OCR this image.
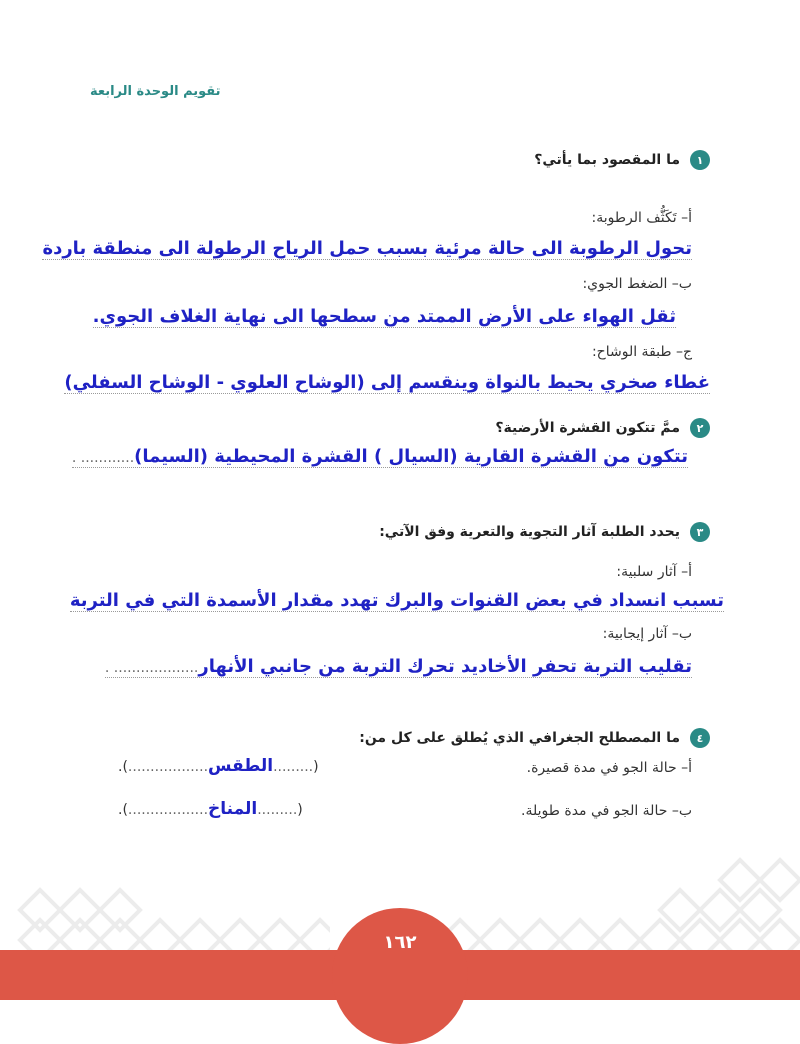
تقويم الوحدة الرابعة
١
ما المقصود بما يأتي؟
أ– تَكَثُّف الرطوبة:
تحول الرطوبة الى حالة مرئية بسبب حمل الرياح الرطولة الى منطقة باردة
ب– الضغط الجوي:
ثقل الهواء على الأرض الممتد من سطحها الى نهاية الغلاف الجوي.
ج– طبقة الوشاح:
غطاء صخري يحيط بالنواة وينقسم إلى (الوشاح العلوي - الوشاح السفلي)
٢
ممَّ تتكون القشرة الأرضية؟
تتكون من القشرة القارية (السيال ) القشرة المحيطية (السيما)............ .
٣
يحدد الطلبة آثار التجوية والتعرية وفق الآتي:
أ– آثار سلبية:
تسبب انسداد في بعض القنوات والبرك تهدد مقدار الأسمدة التي في التربة
ب– آثار إيجابية:
تقليب التربة تحفر الأخاديد تحرك التربة من جانبي الأنهار................... .
٤
ما المصطلح الجغرافي الذي يُطلق على كل من:
أ– حالة الجو في مدة قصيرة.
(.........الطقس..................).
ب– حالة الجو في مدة طويلة.
(.........المناخ..................).
١٦٢
